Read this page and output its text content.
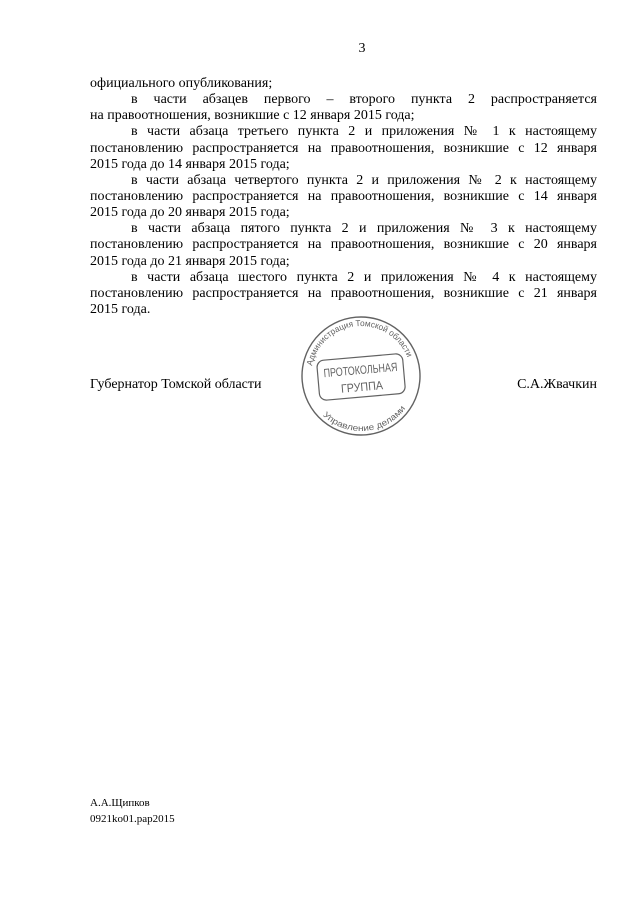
3
официального опубликования;
в части абзацев первого – второго пункта 2 распространяется
на правоотношения, возникшие с 12 января 2015 года;
в части абзаца третьего пункта 2 и приложения № 1 к настоящему
постановлению распространяется на правоотношения, возникшие с 12 января
2015 года до 14 января 2015 года;
в части абзаца четвертого пункта 2 и приложения № 2 к настоящему
постановлению распространяется на правоотношения, возникшие с 14 января
2015 года до 20 января 2015 года;
в части абзаца пятого пункта 2 и приложения № 3 к настоящему
постановлению распространяется на правоотношения, возникшие с 20 января
2015 года до 21 января 2015 года;
в части абзаца шестого пункта 2 и приложения № 4 к настоящему
постановлению распространяется на правоотношения, возникшие с 21 января
2015 года.
Губернатор Томской области	С.А.Жвачкин
Администрация Томской области
Управление делами
ПРОТОКОЛЬНАЯ
ГРУППА
А.А.Щипков
0921ko01.pap2015
